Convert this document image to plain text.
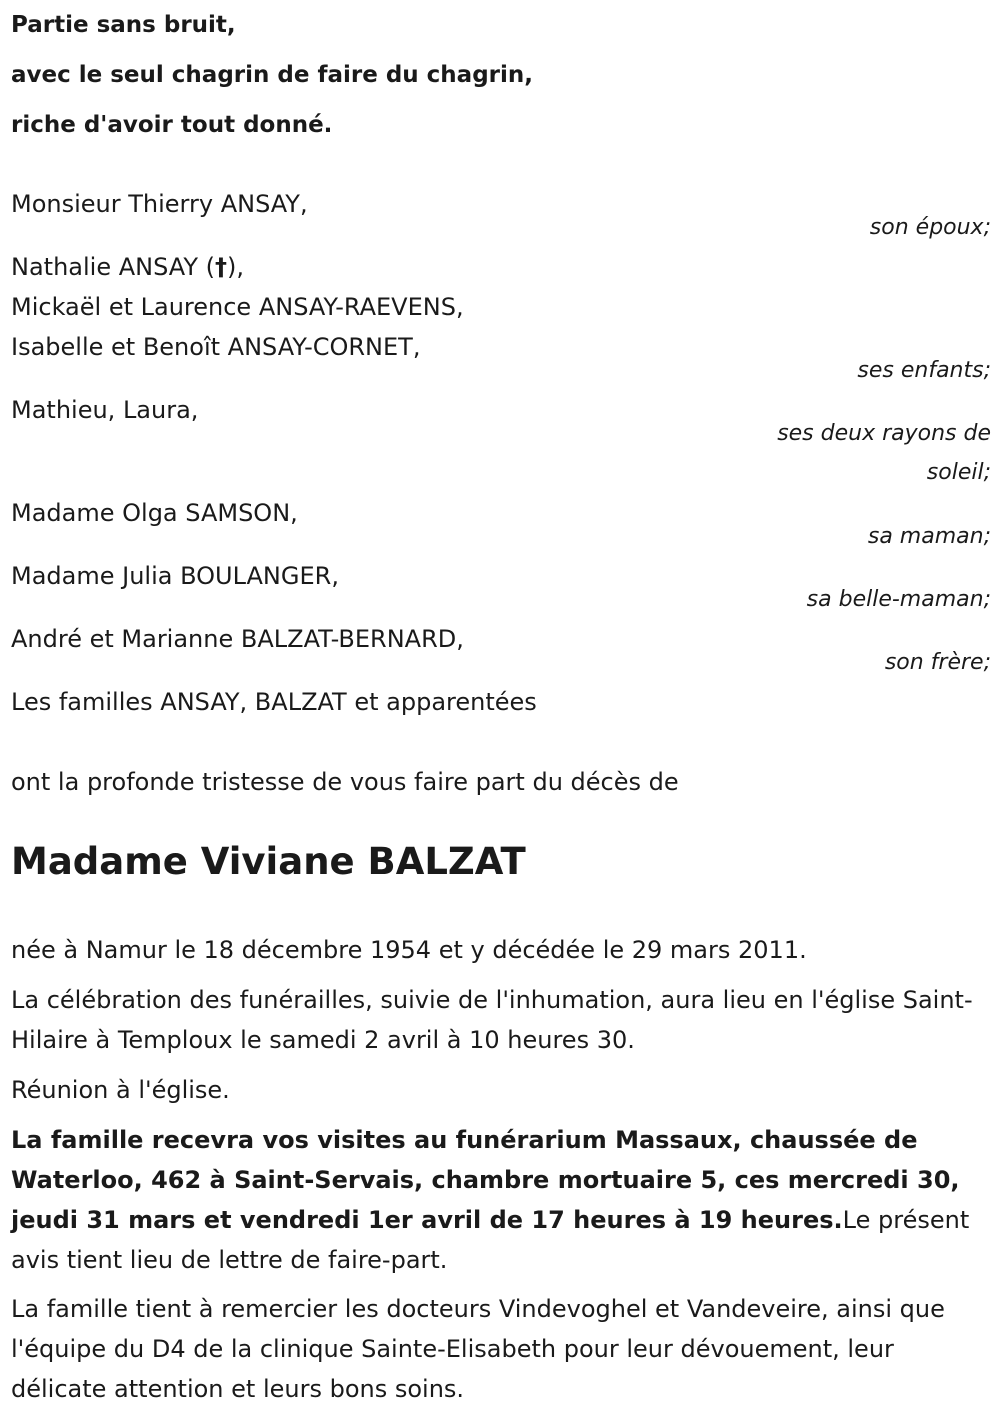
Partie sans bruit,
avec le seul chagrin de faire du chagrin,
riche d'avoir tout donné.
Monsieur Thierry ANSAY,
son époux;
Nathalie ANSAY (†),
Mickaël et Laurence ANSAY-RAEVENS,
Isabelle et Benoît ANSAY-CORNET,
ses enfants;
Mathieu, Laura,
ses deux rayons de
soleil;
Madame Olga SAMSON,
sa maman;
Madame Julia BOULANGER,
sa belle-maman;
André et Marianne BALZAT-BERNARD,
son frère;
Les familles ANSAY, BALZAT et apparentées
ont la profonde tristesse de vous faire part du décès de
Madame Viviane BALZAT
née à Namur le 18 décembre 1954 et y décédée le 29 mars 2011.
La célébration des funérailles, suivie de l'inhumation, aura lieu en l'église Saint-Hilaire à Temploux le samedi 2 avril à 10 heures 30.
Réunion à l'église.
La famille recevra vos visites au funérarium Massaux, chaussée de Waterloo, 462 à Saint-Servais, chambre mortuaire 5, ces mercredi 30, jeudi 31 mars et vendredi 1er avril de 17 heures à 19 heures.Le présent avis tient lieu de lettre de faire-part.
La famille tient à remercier les docteurs Vindevoghel et Vandeveire, ainsi que l'équipe du D4 de la clinique Sainte-Elisabeth pour leur dévouement, leur délicate attention et leurs bons soins.
